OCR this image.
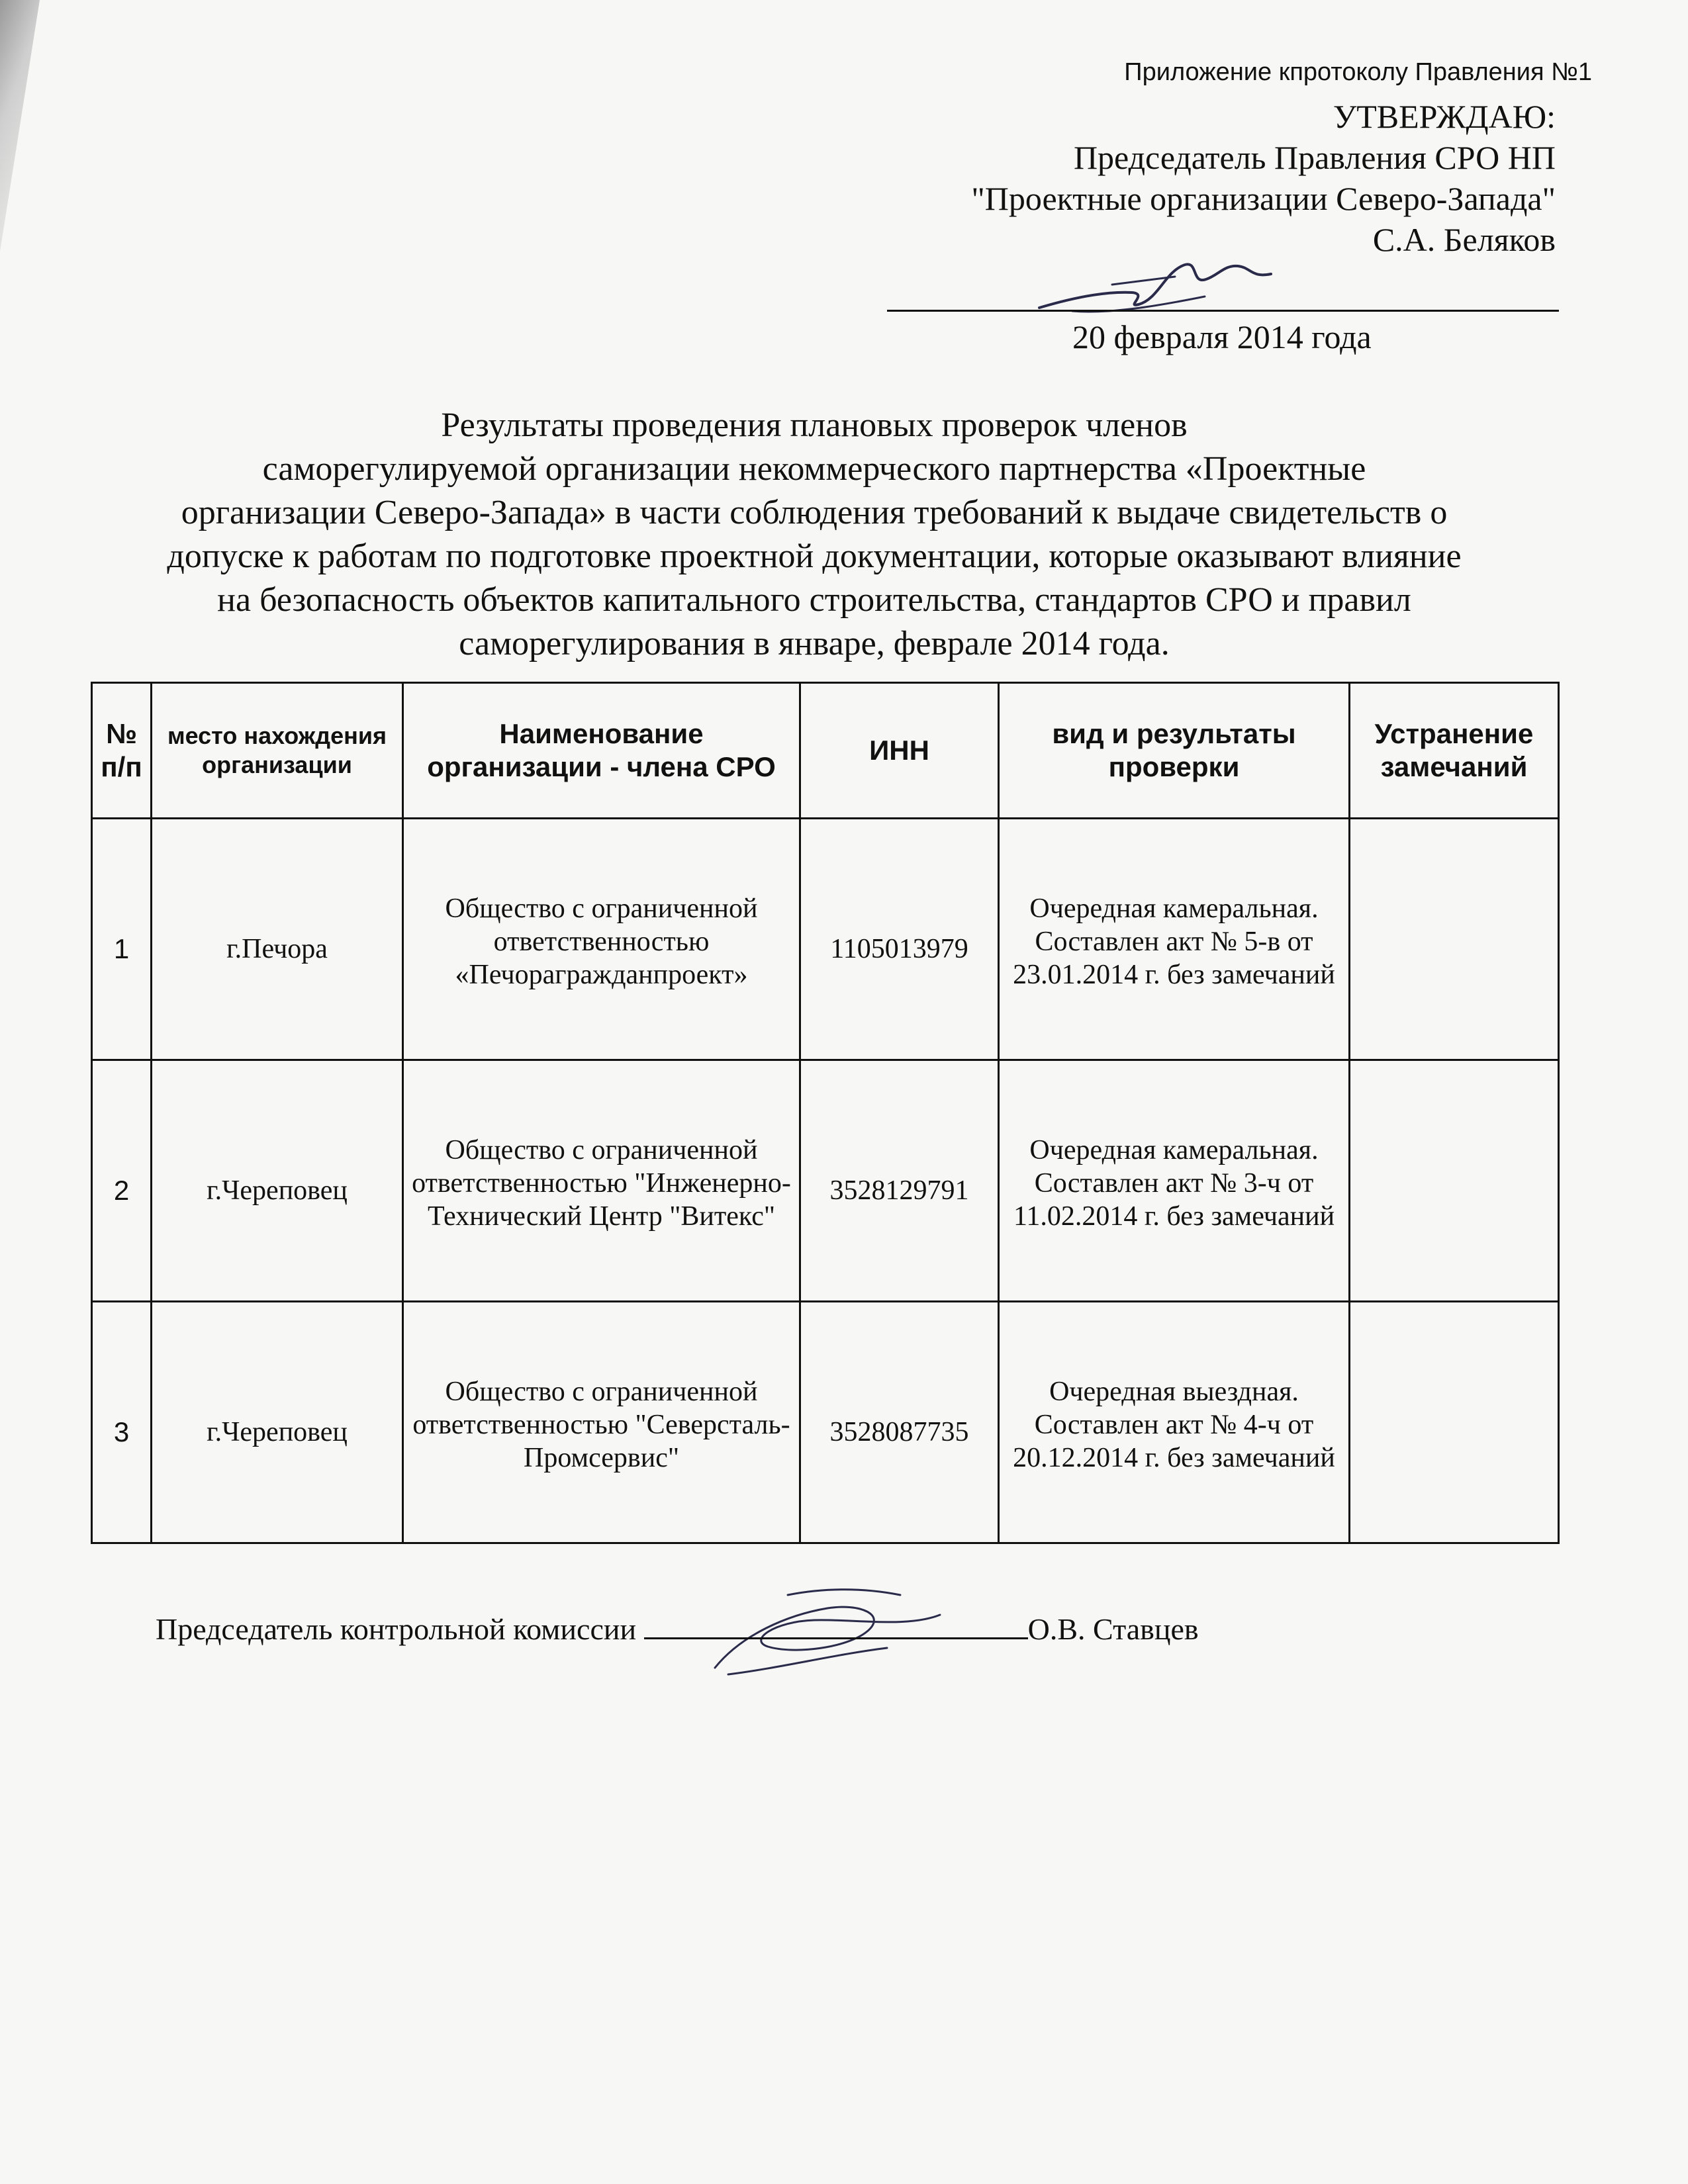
Приложение кпротоколу Правления №1
УТВЕРЖДАЮ:
Председатель Правления СРО НП
"Проектные организации Северо-Запада"
С.А. Беляков
20 февраля 2014 года
Результаты проведения плановых проверок членов
саморегулируемой организации некоммерческого партнерства «Проектные
организации Северо-Запада» в части соблюдения требований к выдаче свидетельств о
допуске к работам по подготовке проектной документации, которые оказывают влияние
на безопасность объектов капитального строительства, стандартов СРО и правил
саморегулирования в январе, феврале 2014 года.
№ п/п	место нахождения организации	Наименование организации - члена СРО	ИНН	вид и результаты проверки	Устранение замечаний

1	г.Печора	Общество с ограниченной ответственностью «Печорагражданпроект»	1105013979	Очередная камеральная. Составлен акт № 5-в от 23.01.2014 г. без замечаний	

2	г.Череповец	Общество с ограниченной ответственностью "Инженерно- Технический Центр "Витекс"	3528129791	Очередная камеральная. Составлен акт № 3-ч от 11.02.2014 г. без замечаний	

3	г.Череповец	Общество с ограниченной ответственностью "Северсталь-Промсервис"	3528087735	Очередная выездная. Составлен акт № 4-ч от 20.12.2014 г. без замечаний	

Председатель контрольной комиссии	О.В. Ставцев
